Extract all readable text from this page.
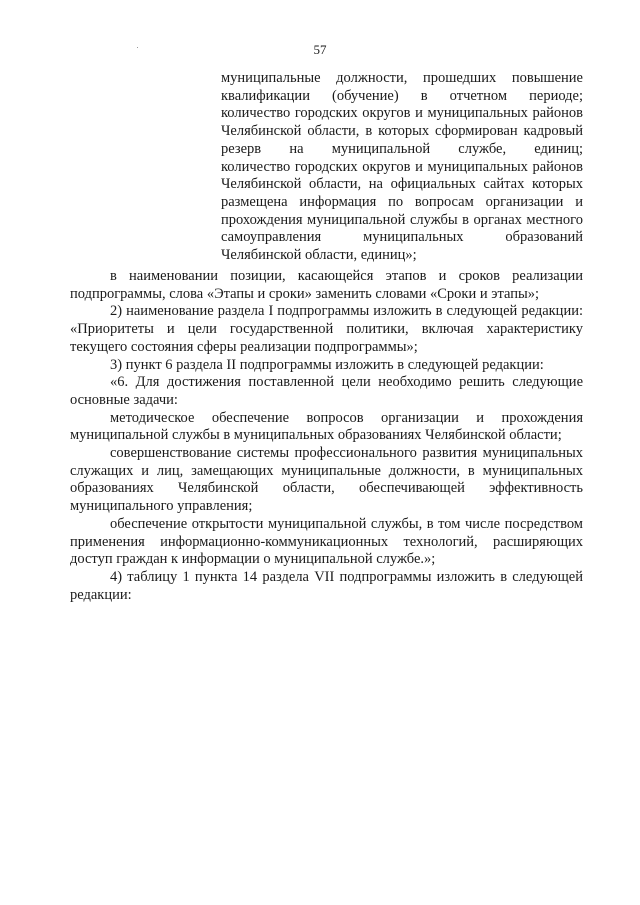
57

муниципальные должности, прошедших повышение квалификации (обучение) в отчетном периоде;

количество городских округов и муниципальных районов Челябинской области, в которых сформирован кадровый резерв на муниципальной службе, единиц;

количество городских округов и муниципальных районов Челябинской области, на официальных сайтах которых размещена информация по вопросам организации и прохождения муниципальной службы в органах местного самоуправления муниципальных образований Челябинской области, единиц»;

в наименовании позиции, касающейся этапов и сроков реализации подпрограммы, слова «Этапы и сроки» заменить словами «Сроки и этапы»;

2) наименование раздела I подпрограммы изложить в следующей редакции: «Приоритеты и цели государственной политики, включая характеристику текущего состояния сферы реализации подпрограммы»;

3) пункт 6 раздела II подпрограммы изложить в следующей редакции:

«6. Для достижения поставленной цели необходимо решить следующие основные задачи:

методическое обеспечение вопросов организации и прохождения муниципальной службы в муниципальных образованиях Челябинской области;

совершенствование системы профессионального развития муниципальных служащих и лиц, замещающих муниципальные должности, в муниципальных образованиях Челябинской области, обеспечивающей эффективность муниципального управления;

обеспечение открытости муниципальной службы, в том числе посредством применения информационно-коммуникационных технологий, расширяющих доступ граждан к информации о муниципальной службе.»;

4) таблицу 1 пункта 14 раздела VII подпрограммы изложить в следующей редакции:
